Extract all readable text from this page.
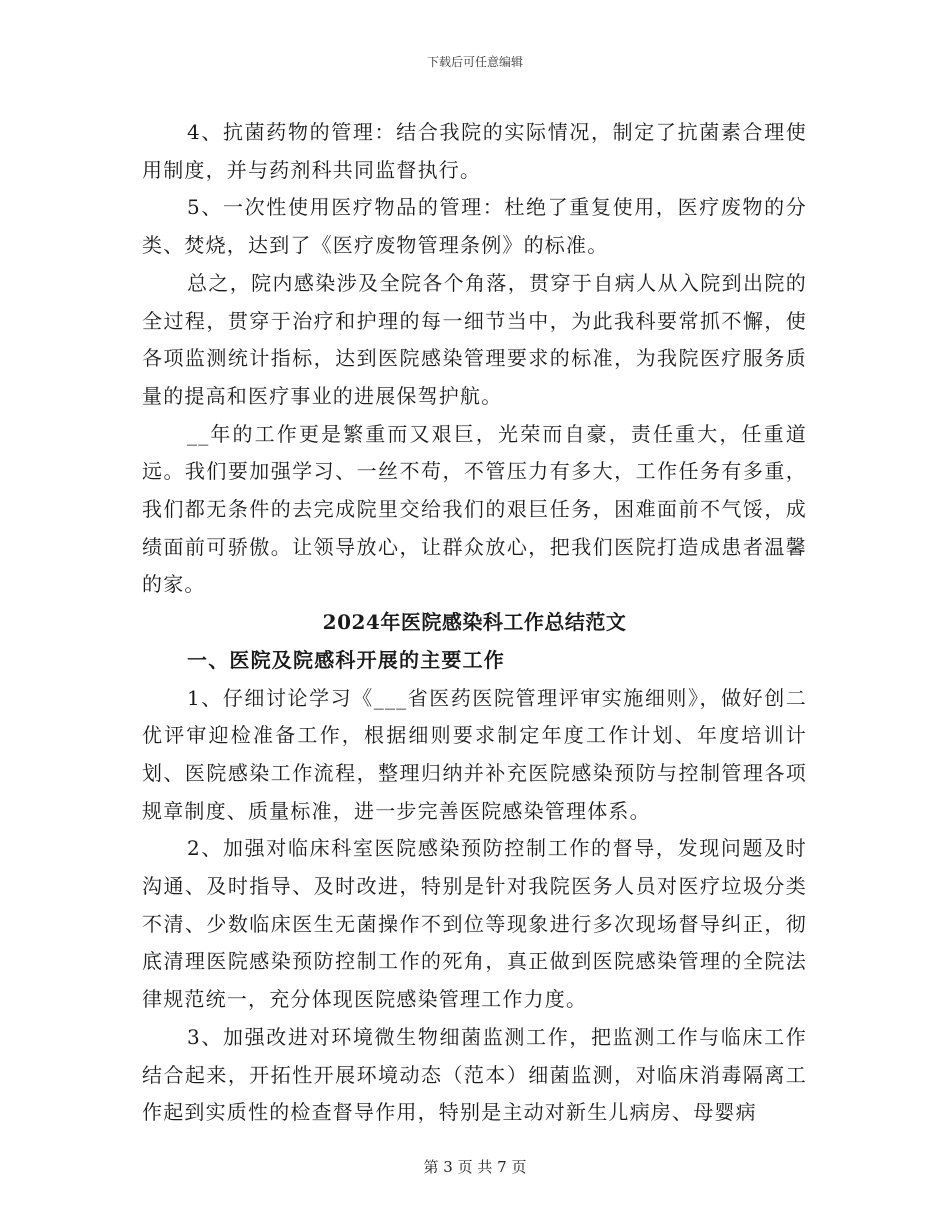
下载后可任意编辑

4、抗菌药物的管理：结合我院的实际情况，制定了抗菌素合理使用制度，并与药剂科共同监督执行。

5、一次性使用医疗物品的管理：杜绝了重复使用，医疗废物的分类、焚烧，达到了《医疗废物管理条例》的标准。

总之，院内感染涉及全院各个角落，贯穿于自病人从入院到出院的全过程，贯穿于治疗和护理的每一细节当中，为此我科要常抓不懈，使各项监测统计指标，达到医院感染管理要求的标准，为我院医疗服务质量的提高和医疗事业的进展保驾护航。

__年的工作更是繁重而又艰巨，光荣而自豪，责任重大，任重道远。我们要加强学习、一丝不苟，不管压力有多大，工作任务有多重，我们都无条件的去完成院里交给我们的艰巨任务，困难面前不气馁，成绩面前可骄傲。让领导放心，让群众放心，把我们医院打造成患者温馨的家。

2024年医院感染科工作总结范文
一、医院及院感科开展的主要工作

1、仔细讨论学习《___省医药医院管理评审实施细则》，做好创二优评审迎检准备工作，根据细则要求制定年度工作计划、年度培训计划、医院感染工作流程，整理归纳并补充医院感染预防与控制管理各项规章制度、质量标准，进一步完善医院感染管理体系。

2、加强对临床科室医院感染预防控制工作的督导，发现问题及时沟通、及时指导、及时改进，特别是针对我院医务人员对医疗垃圾分类不清、少数临床医生无菌操作不到位等现象进行多次现场督导纠正，彻底清理医院感染预防控制工作的死角，真正做到医院感染管理的全院法律规范统一，充分体现医院感染管理工作力度。

3、加强改进对环境微生物细菌监测工作，把监测工作与临床工作结合起来，开拓性开展环境动态（范本）细菌监测，对临床消毒隔离工作起到实质性的检查督导作用，特别是主动对新生儿病房、母婴病

第 3 页 共 7 页
